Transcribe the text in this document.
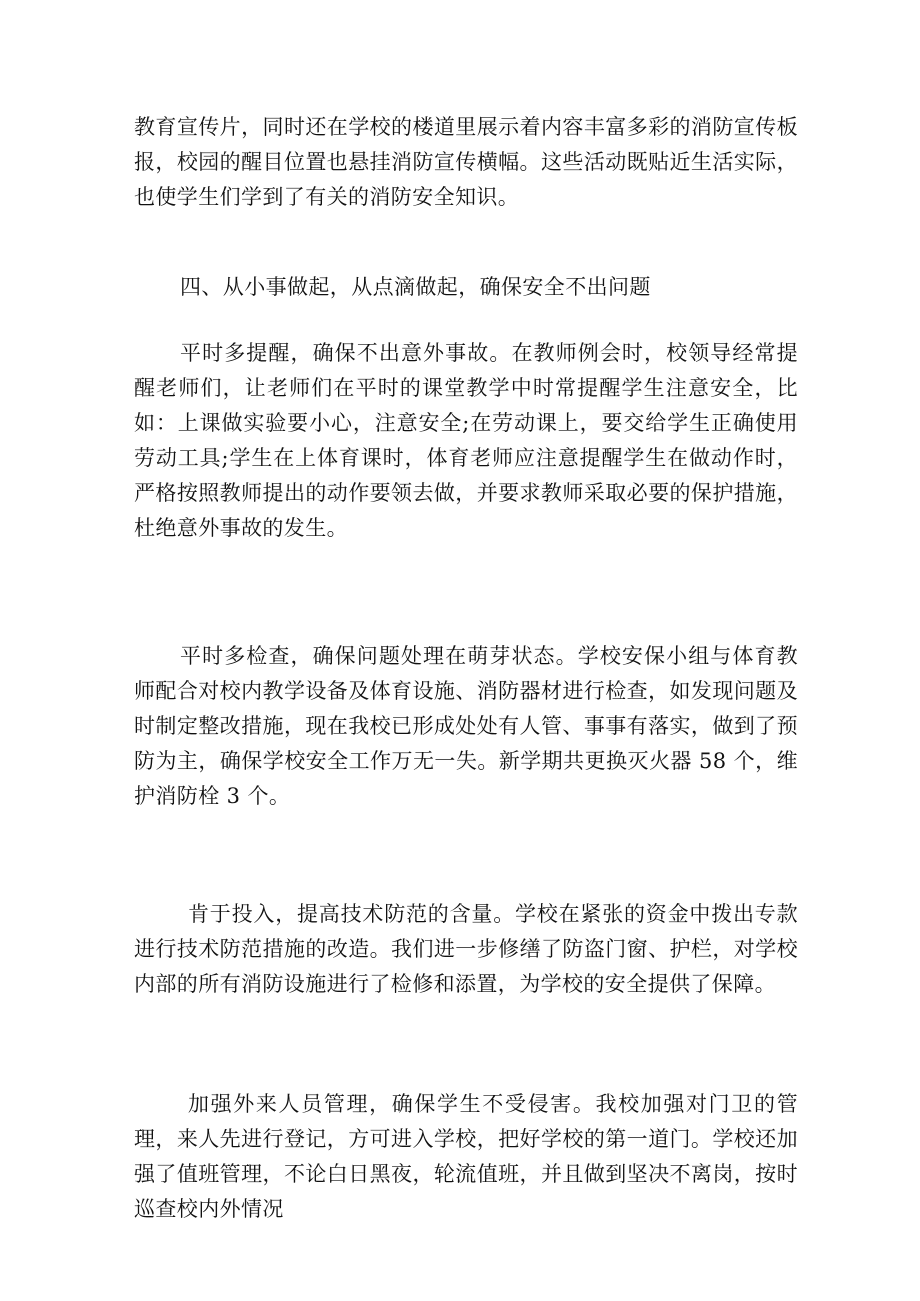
教育宣传片，同时还在学校的楼道里展示着内容丰富多彩的消防宣传板报，校园的醒目位置也悬挂消防宣传横幅。这些活动既贴近生活实际，也使学生们学到了有关的消防安全知识。

四、从小事做起，从点滴做起，确保安全不出问题

平时多提醒，确保不出意外事故。在教师例会时，校领导经常提醒老师们，让老师们在平时的课堂教学中时常提醒学生注意安全，比如：上课做实验要小心，注意安全;在劳动课上，要交给学生正确使用劳动工具;学生在上体育课时，体育老师应注意提醒学生在做动作时，严格按照教师提出的动作要领去做，并要求教师采取必要的保护措施，杜绝意外事故的发生。

平时多检查，确保问题处理在萌芽状态。学校安保小组与体育教师配合对校内教学设备及体育设施、消防器材进行检查，如发现问题及时制定整改措施，现在我校已形成处处有人管、事事有落实，做到了预防为主，确保学校安全工作万无一失。新学期共更换灭火器 58 个，维护消防栓 3 个。

肯于投入，提高技术防范的含量。学校在紧张的资金中拨出专款进行技术防范措施的改造。我们进一步修缮了防盗门窗、护栏，对学校内部的所有消防设施进行了检修和添置，为学校的安全提供了保障。

加强外来人员管理，确保学生不受侵害。我校加强对门卫的管理，来人先进行登记，方可进入学校，把好学校的第一道门。学校还加强了值班管理，不论白日黑夜，轮流值班，并且做到坚决不离岗，按时巡查校内外情况
